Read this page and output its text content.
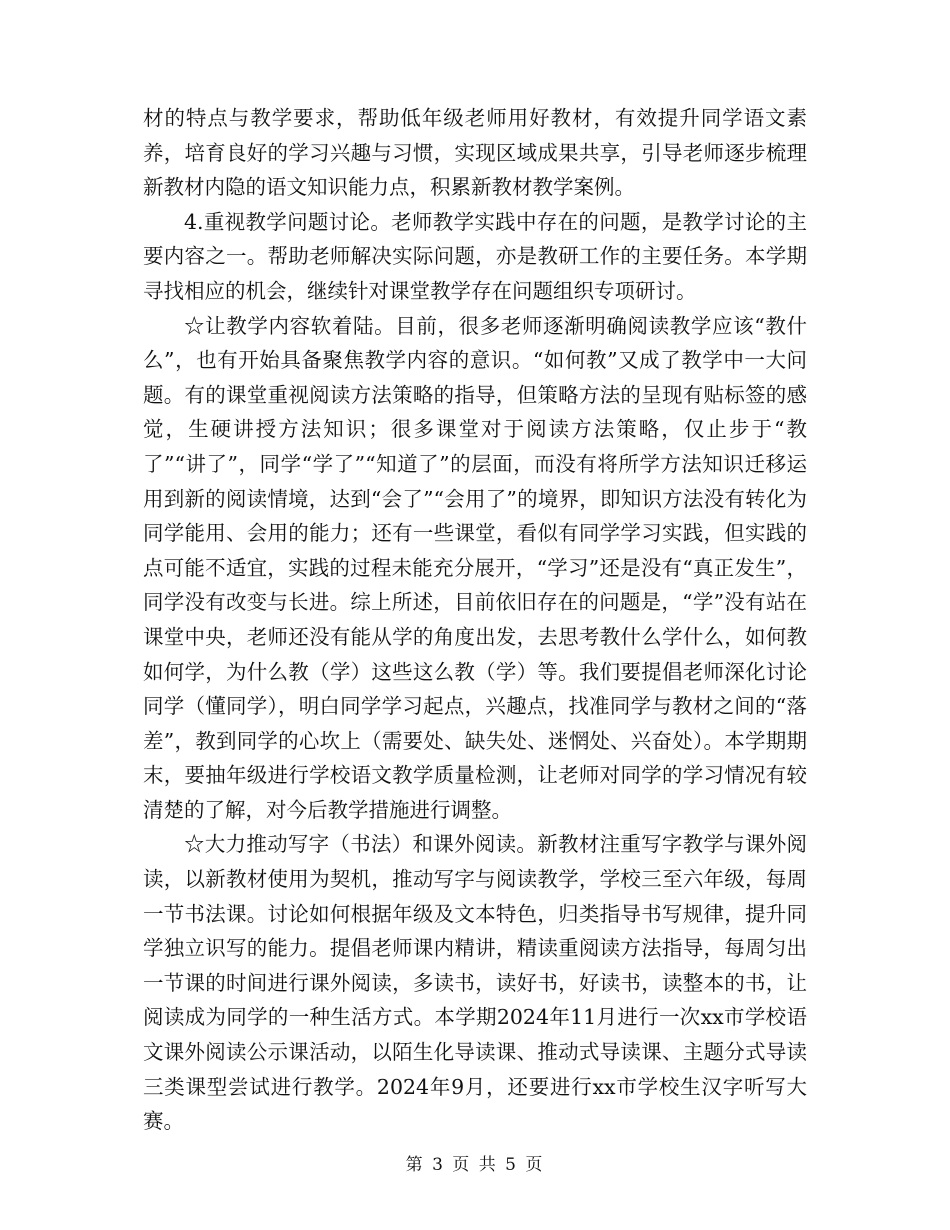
材的特点与教学要求，帮助低年级老师用好教材，有效提升同学语文素养，培育良好的学习兴趣与习惯，实现区域成果共享，引导老师逐步梳理新教材内隐的语文知识能力点，积累新教材教学案例。

4.重视教学问题讨论。老师教学实践中存在的问题，是教学讨论的主要内容之一。帮助老师解决实际问题，亦是教研工作的主要任务。本学期寻找相应的机会，继续针对课堂教学存在问题组织专项研讨。

☆让教学内容软着陆。目前，很多老师逐渐明确阅读教学应该“教什么”，也有开始具备聚焦教学内容的意识。“如何教”又成了教学中一大问题。有的课堂重视阅读方法策略的指导，但策略方法的呈现有贴标签的感觉，生硬讲授方法知识；很多课堂对于阅读方法策略，仅止步于“教了”“讲了”，同学“学了”“知道了”的层面，而没有将所学方法知识迁移运用到新的阅读情境，达到“会了”“会用了”的境界，即知识方法没有转化为同学能用、会用的能力；还有一些课堂，看似有同学学习实践，但实践的点可能不适宜，实践的过程未能充分展开，“学习”还是没有“真正发生”，同学没有改变与长进。综上所述，目前依旧存在的问题是，“学”没有站在课堂中央，老师还没有能从学的角度出发，去思考教什么学什么，如何教如何学，为什么教（学）这些这么教（学）等。我们要提倡老师深化讨论同学（懂同学），明白同学学习起点，兴趣点，找准同学与教材之间的“落差”，教到同学的心坎上（需要处、缺失处、迷惘处、兴奋处）。本学期期末，要抽年级进行学校语文教学质量检测，让老师对同学的学习情况有较清楚的了解，对今后教学措施进行调整。

☆大力推动写字（书法）和课外阅读。新教材注重写字教学与课外阅读，以新教材使用为契机，推动写字与阅读教学，学校三至六年级，每周一节书法课。讨论如何根据年级及文本特色，归类指导书写规律，提升同学独立识写的能力。提倡老师课内精讲，精读重阅读方法指导，每周匀出一节课的时间进行课外阅读，多读书，读好书，好读书，读整本的书，让阅读成为同学的一种生活方式。本学期2024年11月进行一次xx市学校语文课外阅读公示课活动，以陌生化导读课、推动式导读课、主题分式导读三类课型尝试进行教学。2024年9月，还要进行xx市学校生汉字听写大赛。

第 3 页 共 5 页
